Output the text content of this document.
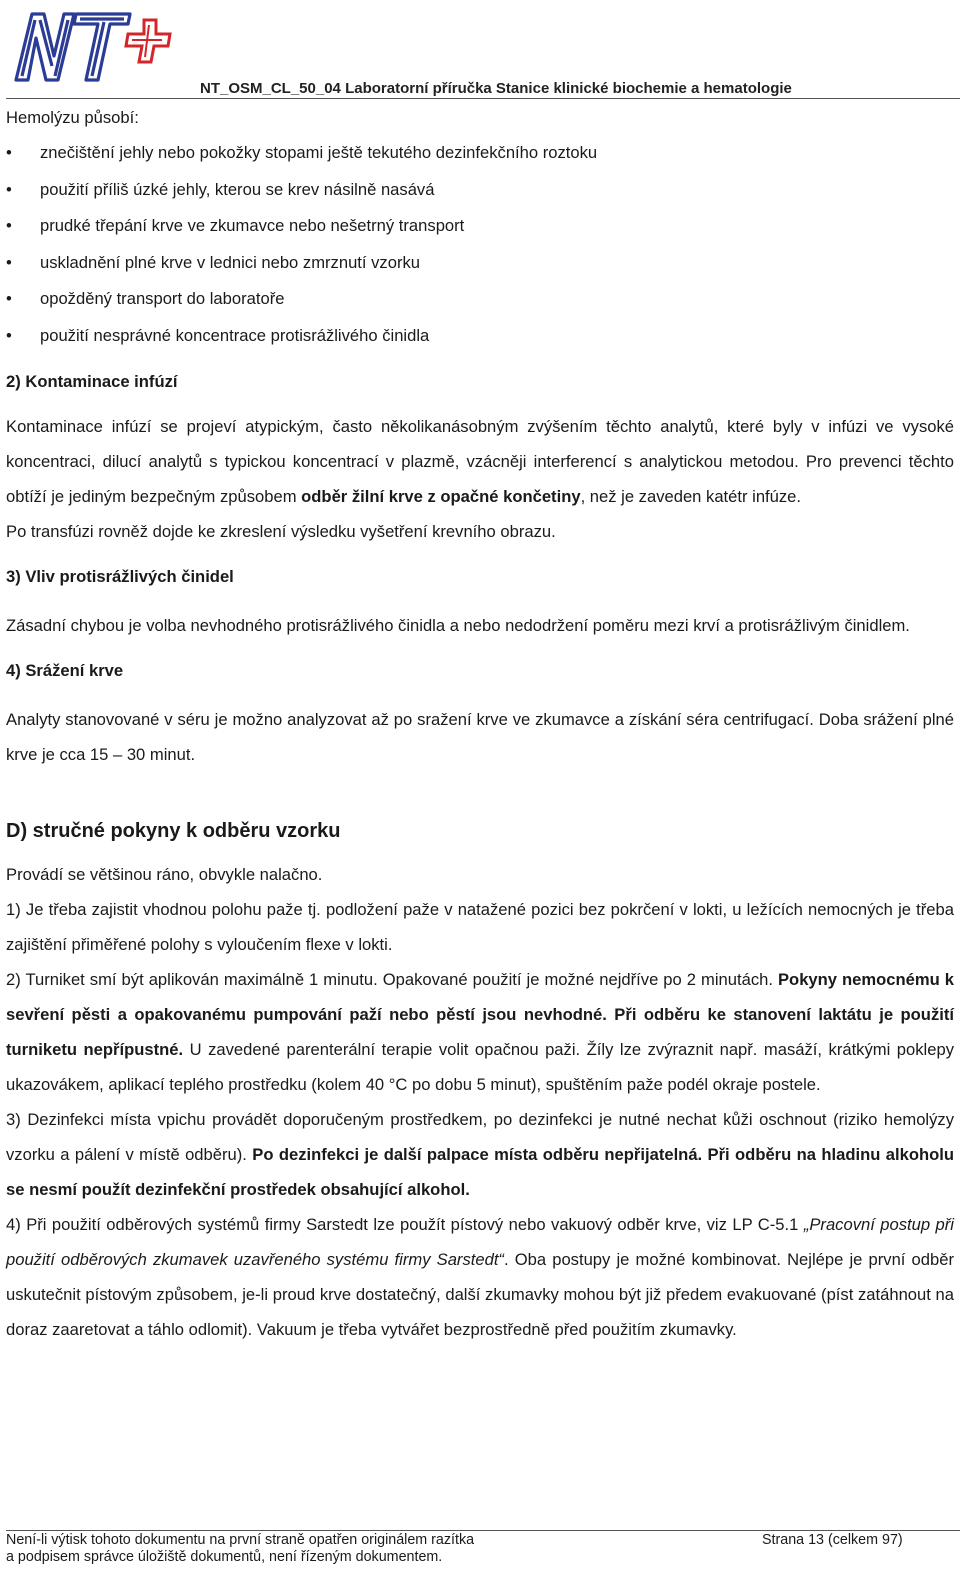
NT_OSM_CL_50_04 Laboratorní příručka Stanice klinické biochemie a hematologie

Hemolýzu působí:

• znečištění jehly nebo pokožky stopami ještě tekutého dezinfekčního roztoku
• použití příliš úzké jehly, kterou se krev násilně nasává
• prudké třepání krve ve zkumavce nebo nešetrný transport
• uskladnění plné krve v lednici nebo zmrznutí vzorku
• opožděný transport do laboratoře
• použití nesprávné koncentrace protisrážlivého činidla

2) Kontaminace infúzí

Kontaminace infúzí se projeví atypickým, často několikanásobným zvýšením těchto analytů, které byly v infúzi ve vysoké koncentraci, dilucí analytů s typickou koncentrací v plazmě, vzácněji interferencí s analytickou metodou. Pro prevenci těchto obtíží je jediným bezpečným způsobem odběr žilní krve z opačné končetiny, než je zaveden katétr infúze.

Po transfúzi rovněž dojde ke zkreslení výsledku vyšetření krevního obrazu.

3) Vliv protisrážlivých činidel

Zásadní chybou je volba nevhodného protisrážlivého činidla a nebo nedodržení poměru mezi krví a protisrážlivým činidlem.

4) Srážení krve

Analyty stanovované v séru je možno analyzovat až po sražení krve ve zkumavce a získání séra centrifugací. Doba srážení plné krve je cca 15 – 30 minut.

D) stručné pokyny k odběru vzorku

Provádí se většinou ráno, obvykle nalačno.

1) Je třeba zajistit vhodnou polohu paže tj. podložení paže v natažené pozici bez pokrčení v lokti, u ležících nemocných je třeba zajištění přiměřené polohy s vyloučením flexe v lokti.

2) Turniket smí být aplikován maximálně 1 minutu. Opakované použití je možné nejdříve po 2 minutách. Pokyny nemocnému k sevření pěsti a opakovanému pumpování paží nebo pěstí jsou nevhodné. Při odběru ke stanovení laktátu je použití turniketu nepřípustné. U zavedené parenterální terapie volit opačnou paži. Žíly lze zvýraznit např. masáží, krátkými poklepy ukazovákem, aplikací teplého prostředku (kolem 40 °C po dobu 5 minut), spuštěním paže podél okraje postele.

3) Dezinfekci místa vpichu provádět doporučeným prostředkem, po dezinfekci je nutné nechat kůži oschnout (riziko hemolýzy vzorku a pálení v místě odběru). Po dezinfekci je další palpace místa odběru nepřijatelná. Při odběru na hladinu alkoholu se nesmí použít dezinfekční prostředek obsahující alkohol.

4) Při použití odběrových systémů firmy Sarstedt lze použít pístový nebo vakuový odběr krve, viz LP C-5.1 „Pracovní postup při použití odběrových zkumavek uzavřeného systému firmy Sarstedt“. Oba postupy je možné kombinovat. Nejlépe je první odběr uskutečnit pístovým způsobem, je-li proud krve dostatečný, další zkumavky mohou být již předem evakuované (píst zatáhnout na doraz zaaretovat a táhlo odlomit). Vakuum je třeba vytvářet bezprostředně před použitím zkumavky.

Není-li výtisk tohoto dokumentu na první straně opatřen originálem razítka
a podpisem správce úložiště dokumentů, není řízeným dokumentem.
Strana 13 (celkem 97)
